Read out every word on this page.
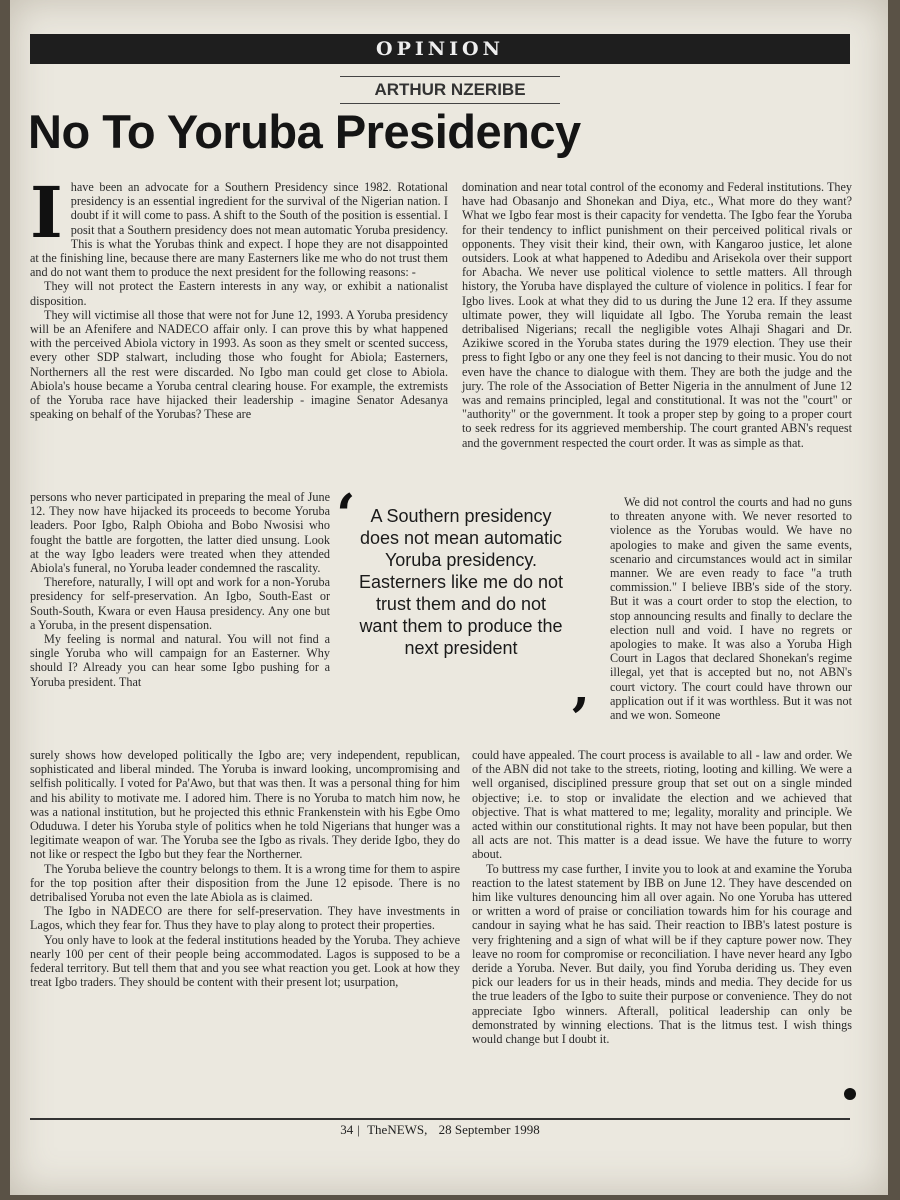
OPINION
ARTHUR NZERIBE
No To Yoruba Presidency

I have been an advocate for a Southern Presidency since 1982. Rotational presidency is an essential ingredient for the survival of the Nigerian nation. I doubt if it will come to pass. A shift to the South of the position is essential. I posit that a Southern presidency does not mean automatic Yoruba presidency. This is what the Yorubas think and expect. I hope they are not disappointed at the finishing line, because there are many Easterners like me who do not trust them and do not want them to produce the next president for the following reasons: -

They will not protect the Eastern interests in any way, or exhibit a nationalist disposition.

They will victimise all those that were not for June 12, 1993. A Yoruba presidency will be an Afenifere and NADECO affair only. I can prove this by what happened with the perceived Abiola victory in 1993. As soon as they smelt or scented success, every other SDP stalwart, including those who fought for Abiola; Easterners, Northerners all the rest were discarded. No Igbo man could get close to Abiola. Abiola's house became a Yoruba central clearing house. For example, the extremists of the Yoruba race have hijacked their leadership - imagine Senator Adesanya speaking on behalf of the Yorubas? These are

domination and near total control of the economy and Federal institutions. They have had Obasanjo and Shonekan and Diya, etc., What more do they want? What we Igbo fear most is their capacity for vendetta. The Igbo fear the Yoruba for their tendency to inflict punishment on their perceived political rivals or opponents. They visit their kind, their own, with Kangaroo justice, let alone outsiders. Look at what happened to Adedibu and Arisekola over their support for Abacha. We never use political violence to settle matters. All through history, the Yoruba have displayed the culture of violence in politics. I fear for Igbo lives. Look at what they did to us during the June 12 era. If they assume ultimate power, they will liquidate all Igbo. The Yoruba remain the least detribalised Nigerians; recall the negligible votes Alhaji Shagari and Dr. Azikiwe scored in the Yoruba states during the 1979 election. They use their press to fight Igbo or any one they feel is not dancing to their music. You do not even have the chance to dialogue with them. They are both the judge and the jury. The role of the Association of Better Nigeria in the annulment of June 12 was and remains principled, legal and constitutional. It was not the "court" or "authority" or the government. It took a proper step by going to a proper court to seek redress for its aggrieved membership. The court granted ABN's request and the government respected the court order. It was as simple as that.

persons who never participated in preparing the meal of June 12. They now have hijacked its proceeds to become Yoruba leaders. Poor Igbo, Ralph Obioha and Bobo Nwosisi who fought the battle are forgotten, the latter died unsung. Look at the way Igbo leaders were treated when they attended Abiola's funeral, no Yoruba leader condemned the rascality.

Therefore, naturally, I will opt and work for a non-Yoruba presidency for self-preservation. An Igbo, South-East or South-South, Kwara or even Hausa presidency. Any one but a Yoruba, in the present dispensation.

My feeling is normal and natural. You will not find a single Yoruba who will campaign for an Easterner. Why should I? Already you can hear some Igbo pushing for a Yoruba president. That

‘ A Southern presidency does not mean automatic Yoruba presidency. Easterners like me do not trust them and do not want them to produce the next president
’

We did not control the courts and had no guns to threaten anyone with. We never resorted to violence as the Yorubas would. We have no apologies to make and given the same events, scenario and circumstances would act in similar manner. We are even ready to face "a truth commission." I believe IBB's side of the story. But it was a court order to stop the election, to stop announcing results and finally to declare the election null and void. I have no regrets or apologies to make. It was also a Yoruba High Court in Lagos that declared Shonekan's regime illegal, yet that is accepted but no, not ABN's court victory. The court could have thrown our application out if it was worthless. But it was not and we won. Someone

surely shows how developed politically the Igbo are; very independent, republican, sophisticated and liberal minded. The Yoruba is inward looking, uncompromising and selfish politically. I voted for Pa'Awo, but that was then. It was a personal thing for him and his ability to motivate me. I adored him. There is no Yoruba to match him now, he was a national institution, but he projected this ethnic Frankenstein with his Egbe Omo Oduduwa. I deter his Yoruba style of politics when he told Nigerians that hunger was a legitimate weapon of war. The Yoruba see the Igbo as rivals. They deride Igbo, they do not like or respect the Igbo but they fear the Northerner.

The Yoruba believe the country belongs to them. It is a wrong time for them to aspire for the top position after their disposition from the June 12 episode. There is no detribalised Yoruba not even the late Abiola as is claimed.

The Igbo in NADECO are there for self-preservation. They have investments in Lagos, which they fear for. Thus they have to play along to protect their properties.

You only have to look at the federal institutions headed by the Yoruba. They achieve nearly 100 per cent of their people being accommodated. Lagos is supposed to be a federal territory. But tell them that and you see what reaction you get. Look at how they treat Igbo traders. They should be content with their present lot; usurpation,

could have appealed. The court process is available to all - law and order. We of the ABN did not take to the streets, rioting, looting and killing. We were a well organised, disciplined pressure group that set out on a single minded objective; i.e. to stop or invalidate the election and we achieved that objective. That is what mattered to me; legality, morality and principle. We acted within our constitutional rights. It may not have been popular, but then all acts are not. This matter is a dead issue. We have the future to worry about.

To buttress my case further, I invite you to look at and examine the Yoruba reaction to the latest statement by IBB on June 12. They have descended on him like vultures denouncing him all over again. No one Yoruba has uttered or written a word of praise or conciliation towards him for his courage and candour in saying what he has said. Their reaction to IBB's latest posture is very frightening and a sign of what will be if they capture power now. They leave no room for compromise or reconciliation. I have never heard any Igbo deride a Yoruba. Never. But daily, you find Yoruba deriding us. They even pick our leaders for us in their heads, minds and media. They decide for us the true leaders of the Igbo to suite their purpose or convenience. They do not appreciate Igbo winners. Afterall, political leadership can only be demonstrated by winning elections. That is the litmus test. I wish things would change but I doubt it.

34 | TheNEWS, 28 September 1998
